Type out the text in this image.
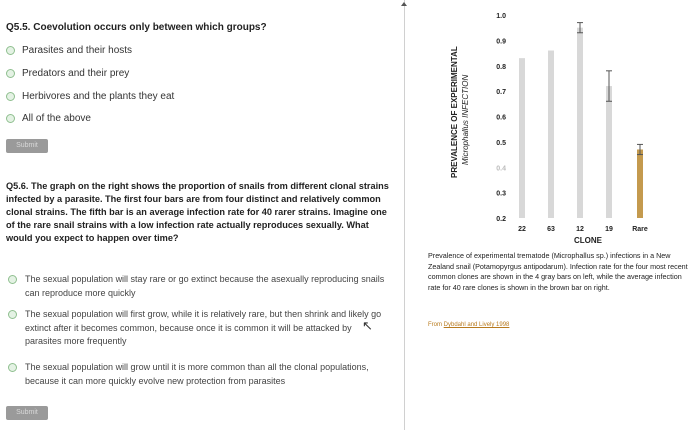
Q5.5. Coevolution occurs only between which groups?
Parasites and their hosts
Predators and their prey
Herbivores and the plants they eat
All of the above
Submit
Q5.6. The graph on the right shows the proportion of snails from different clonal strains infected by a parasite. The first four bars are from four distinct and relatively common clonal strains. The fifth bar is an average infection rate for 40 rarer strains. Imagine one of the rare snail strains with a low infection rate actually reproduces sexually. What would you expect to happen over time?
The sexual population will stay rare or go extinct because the asexually reproducing snails can reproduce more quickly
The sexual population will first grow, while it is relatively rare, but then shrink and likely go extinct after it becomes common, because once it is common it will be attacked by parasites more frequently
The sexual population will grow until it is more common than all the clonal populations, because it can more quickly evolve new protection from parasites
↖
Submit
PREVALENCE OF EXPERIMENTAL Microphallus INFECTION
1.0
0.9
0.8
0.7
0.6
0.5
0.4
0.3
0.2
22	63	12	19	Rare
CLONE
Prevalence of experimental trematode (Microphallus sp.) infections in a New Zealand snail (Potamopyrgus antipodarum). Infection rate for the four most recent common clones are shown in the 4 gray bars on left, while the average infection rate for 40 rare clones is shown in the brown bar on right.
From Dybdahl and Lively 1998
